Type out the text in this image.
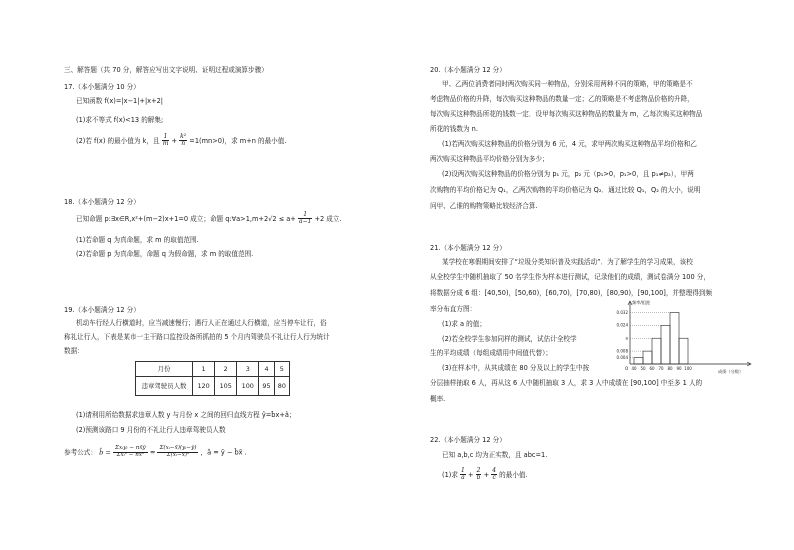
三、解答题（共 70 分，解答应写出文字说明、证明过程或演算步骤）
17.（本小题满分 10 分）
已知函数 f(x)=|x−1|+|x+2|
(1)求不等式 f(x)<13 的解集;
(2)若 f(x) 的最小值为 k，且 $\frac{1}{m} + \frac{\text{k²}}{n} =1(mn>0)$，求 m+n 的最小值.
18.（本小题满分 12 分）
已知命题 p:∃x∈R,x²+(m−2)x+1=0 成立；命题 q:∀a>1,m+2√2 ≤ $a+ \frac{1}{a-1} +2$ 成立.
(1)若命题 q 为真命题，求 m 的取值范围.
(2)若命题 p 为真命题，命题 q 为假命题，求 m 的取值范围.
19.（本小题满分 12 分）
机动车行经人行横道时，应当减速慢行；遇行人正在通过人行横道，应当停车让行，俗
称礼让行人，下表是某市一主干路口监控设备所抓拍的 5 个月内驾驶员不礼让行人行为统计
数据：
月份	1	2	3	4	5
违章驾驶员人数	120	105	100	95	80
(1)请利用所给数据求违章人数 y 与月份 x 之间的回归直线方程 ŷ=b̂x+â；
(2)预测该路口 9 月份的不礼让行人违章驾驶员人数
参考公式： b̂ = $\frac{\text{Σxᵢyᵢ − nx̄ȳ}}{\text{Σxᵢ² − nx̄²}} = \frac{\text{Σ(xᵢ−x̄)(yᵢ−ȳ)}}{\text{Σ(xᵢ−x̄)²}}$ ，â = ȳ − b̂x̄ .
20.（本小题满分 12 分）
甲、乙两位消费者同时两次购买同一种物品，分别采用两种不同的策略，甲的策略是不
考虑物品价格的升降，每次购买这种物品的数量一定；乙的策略是不考虑物品价格的升降，
每次购买这种物品所花的钱数一定．设甲每次购买这种物品的数量为 m，乙每次购买这种物品
所花的钱数为 n.
(1)若两次购买这种物品的价格分别为 6 元，4 元，求甲两次购买这种物品平均价格和乙
两次购买这种物品平均价格分别为多少；
(2)设两次购买这种物品的价格分别为 p₁ 元，p₂ 元（p₁>0，p₁>0，且 p₁≠p₂），甲两
次购物的平均价格记为 Q₁，乙两次购物的平均价格记为 Q₂．通过比较 Q₁，Q₂ 的大小，说明
问甲、乙谁的购物策略比较经济合算.
21.（本小题满分 12 分）
某学校在寒假期间安排了“垃圾分类知识普及实践活动”．为了解学生的学习成果，该校
从全校学生中随机抽取了 50 名学生作为样本进行测试，记录他们的成绩，测试卷满分 100 分，
将数据分成 6 组：[40,50)，[50,60)，[60,70)，[70,80)，[80,90)，[90,100]，并整理得到频
率分布直方图：
(1)求 a 的值；
(2)若全校学生参加同样的测试，试估计全校学
生的平均成绩（每组成绩用中间值代替）；
(3)在样本中，从其成绩在 80 分及以上的学生中按
分层抽样抽取 6 人，再从这 6 人中随机抽取 3 人，求 3 人中成绩在 [90,100] 中至多 1 人的
概率.
22.（本小题满分 12 分）
已知 a,b,c 均为正实数，且 abc=1.
(1)求 $\frac{1}{a} + \frac{2}{b} + \frac{4}{c}$ 的最小值.
频率/组距
成绩（分数）
O
0.032
0.024
a
0.008
0.004
40 50 60 70 80 90 100
